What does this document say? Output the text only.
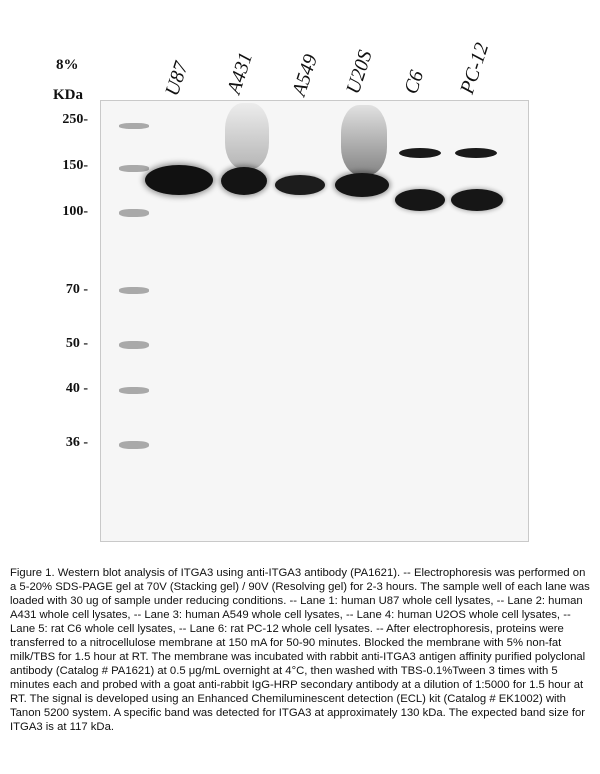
8%
KDa	U87 A431 A549 U20S C6 PC-12
250-
150-
100-
70 -
50 -
40 -
36 -
Figure 1. Western blot analysis of ITGA3 using anti-ITGA3 antibody (PA1621). -- Electrophoresis was performed on a 5-20% SDS-PAGE gel at 70V (Stacking gel) / 90V (Resolving gel) for 2-3 hours. The sample well of each lane was loaded with 30 ug of sample under reducing conditions. -- Lane 1: human U87 whole cell lysates, -- Lane 2: human A431 whole cell lysates, -- Lane 3: human A549 whole cell lysates, -- Lane 4: human U2OS whole cell lysates, -- Lane 5: rat C6 whole cell lysates, -- Lane 6: rat PC-12 whole cell lysates. -- After electrophoresis, proteins were transferred to a nitrocellulose membrane at 150 mA for 50-90 minutes. Blocked the membrane with 5% non-fat milk/TBS for 1.5 hour at RT. The membrane was incubated with rabbit anti-ITGA3 antigen affinity purified polyclonal antibody (Catalog # PA1621) at 0.5 μg/mL overnight at 4°C, then washed with TBS-0.1%Tween 3 times with 5 minutes each and probed with a goat anti-rabbit IgG-HRP secondary antibody at a dilution of 1:5000 for 1.5 hour at RT. The signal is developed using an Enhanced Chemiluminescent detection (ECL) kit (Catalog # EK1002) with Tanon 5200 system. A specific band was detected for ITGA3 at approximately 130 kDa. The expected band size for ITGA3 is at 117 kDa.
